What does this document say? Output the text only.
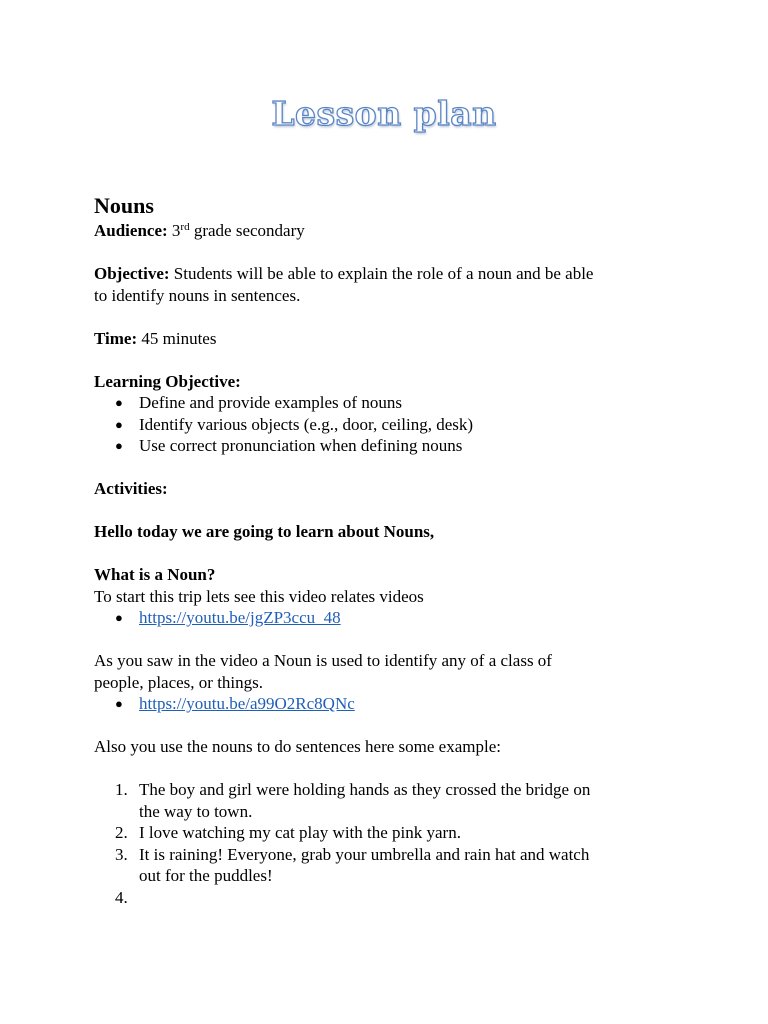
Lesson plan
Nouns

Audience: 3rd grade secondary

Objective: Students will be able to explain the role of a noun and be able

to identify nouns in sentences.

Time: 45 minutes

Learning Objective:

● Define and provide examples of nouns
● Identify various objects (e.g., door, ceiling, desk)
● Use correct pronunciation when defining nouns

Activities:

Hello today we are going to learn about Nouns,

What is a Noun?

To start this trip lets see this video relates videos

● https://youtu.be/jgZP3ccu_48

As you saw in the video a Noun is used to identify any of a class of

people, places, or things.

● https://youtu.be/a99O2Rc8QNc

Also you use the nouns to do sentences here some example:

1. The boy and girl were holding hands as they crossed the bridge on
the way to town.
2. I love watching my cat play with the pink yarn.
3. It is raining! Everyone, grab your umbrella and rain hat and watch
out for the puddles!
4.
